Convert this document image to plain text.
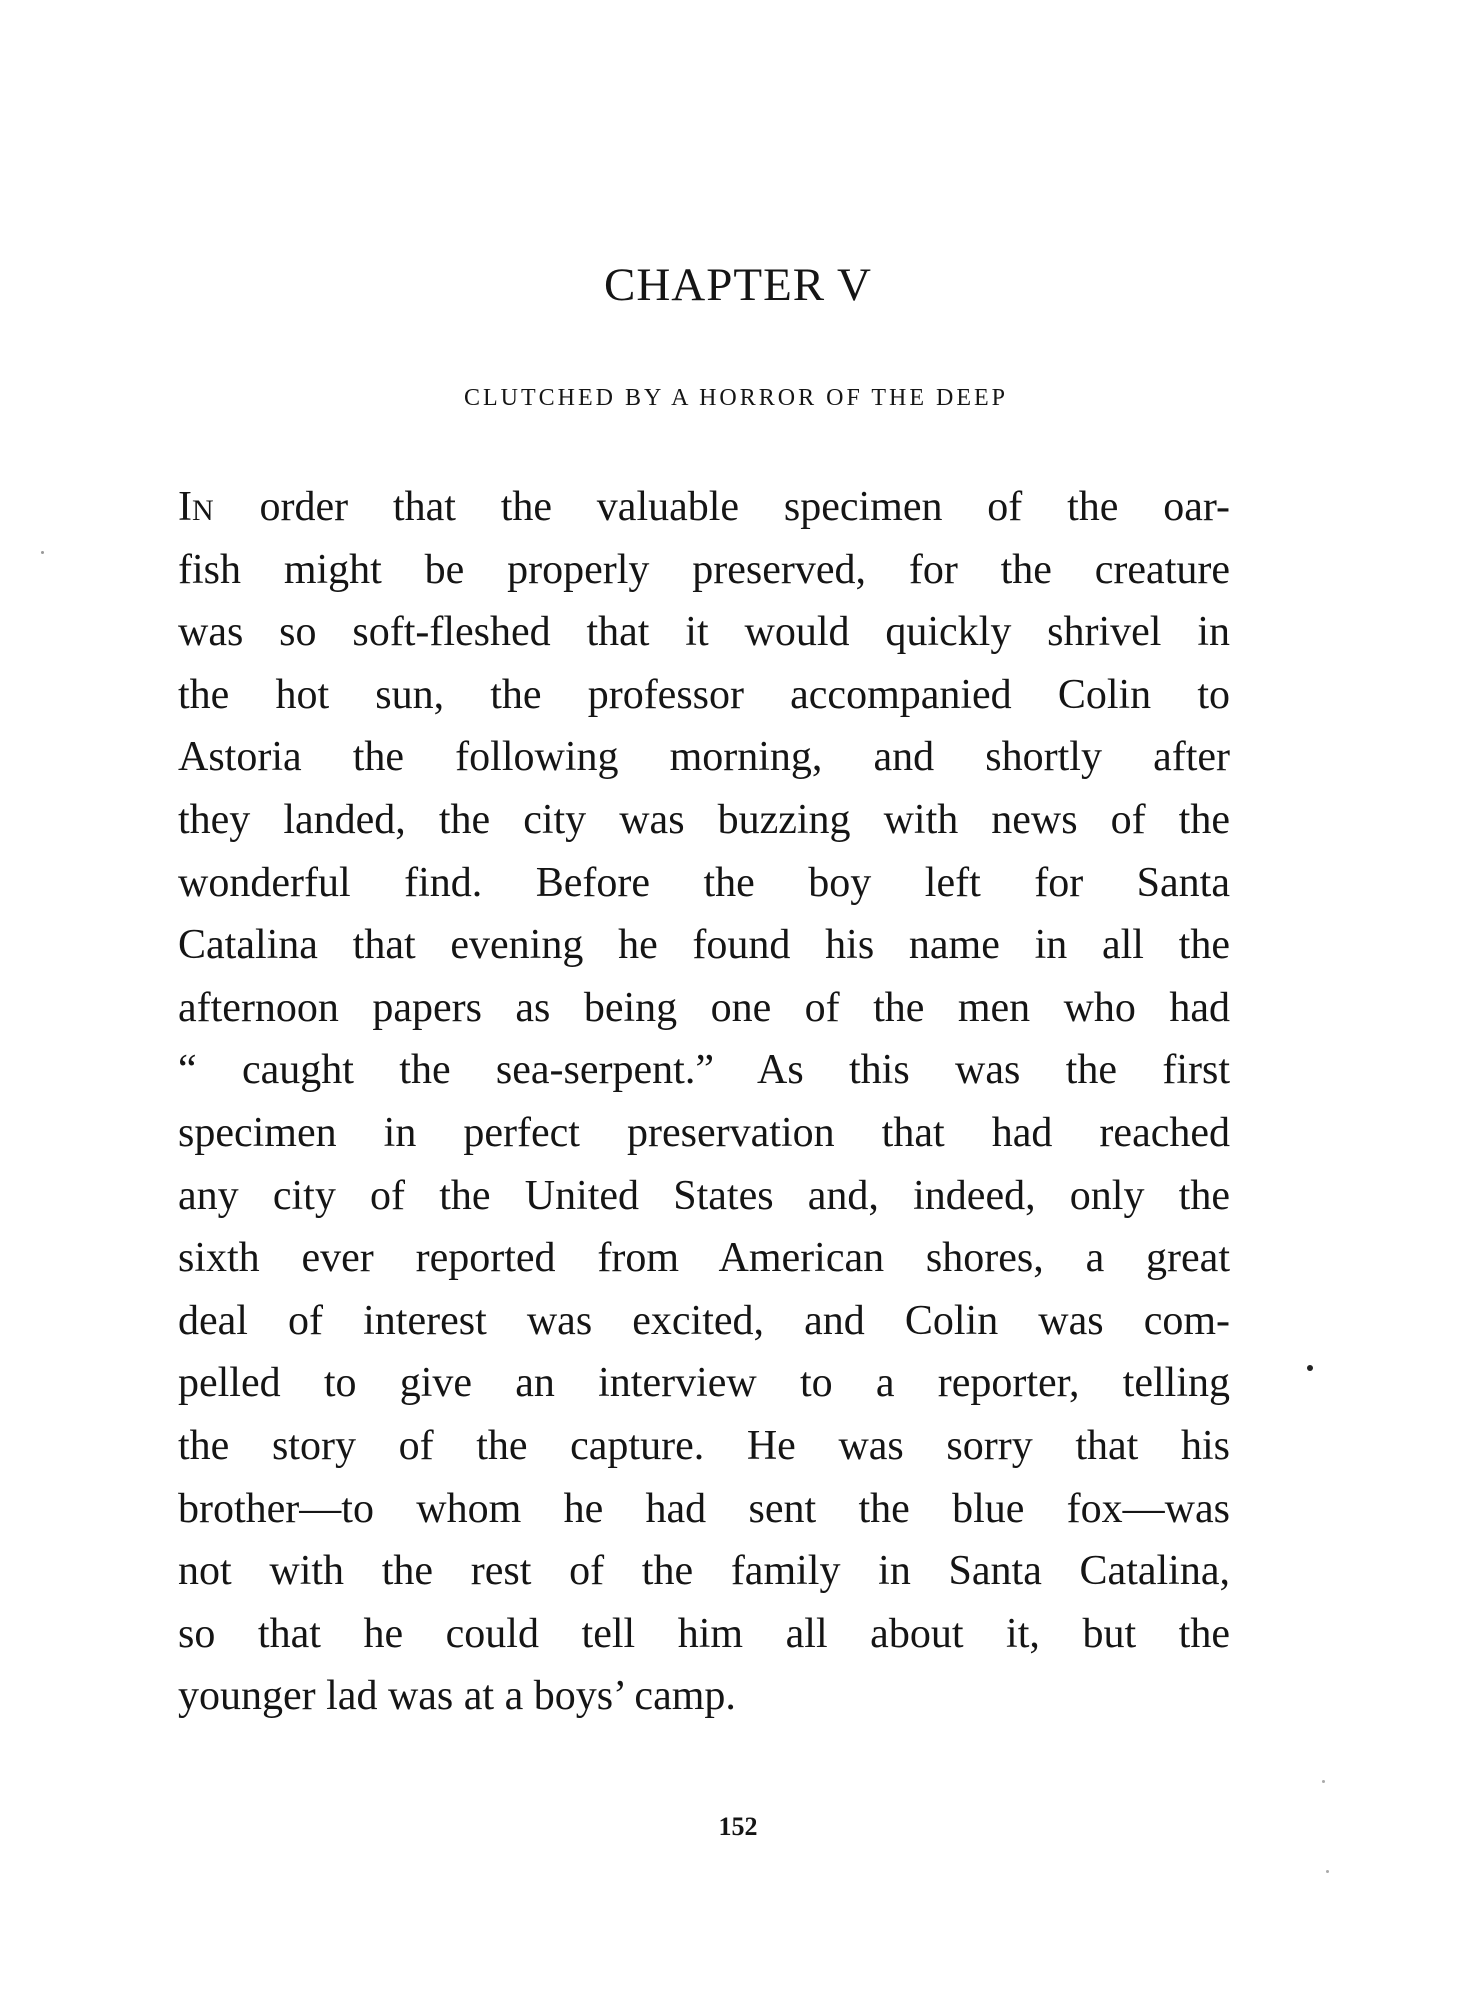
CHAPTER V
CLUTCHED BY A HORROR OF THE DEEP
IN order that the valuable specimen of the oar-
fish might be properly preserved, for the creature
was so soft-fleshed that it would quickly shrivel in
the hot sun, the professor accompanied Colin to
Astoria the following morning, and shortly after
they landed, the city was buzzing with news of the
wonderful find. Before the boy left for Santa
Catalina that evening he found his name in all the
afternoon papers as being one of the men who had
“ caught the sea-serpent.” As this was the first
specimen in perfect preservation that had reached
any city of the United States and, indeed, only the
sixth ever reported from American shores, a great
deal of interest was excited, and Colin was com-
pelled to give an interview to a reporter, telling
the story of the capture. He was sorry that his
brother—to whom he had sent the blue fox—was
not with the rest of the family in Santa Catalina,
so that he could tell him all about it, but the
younger lad was at a boys’ camp.
152
